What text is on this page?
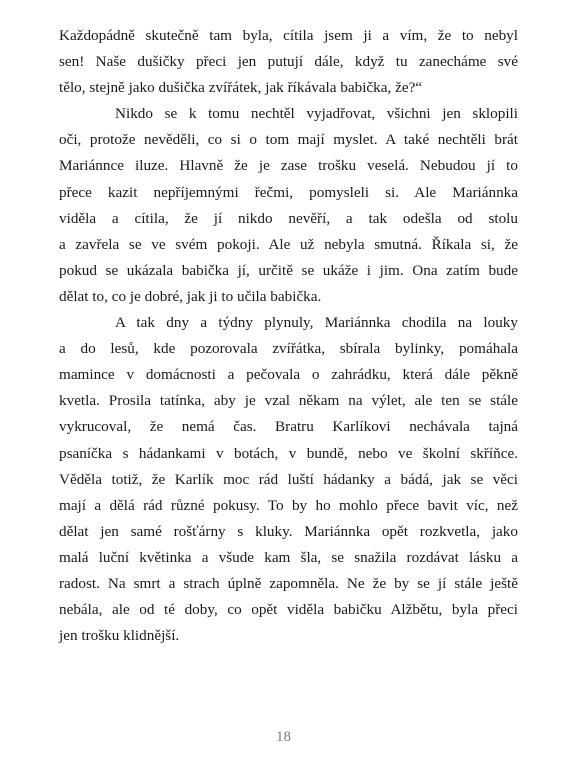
Každopádně skutečně tam byla, cítila jsem ji a vím, že to nebyl
sen! Naše dušičky přeci jen putují dále, když tu zanecháme své
tělo, stejně jako dušička zvířátek, jak říkávala babička, že?“
Nikdo se k tomu nechtěl vyjadřovat, všichni jen sklopili
oči, protože nevěděli, co si o tom mají myslet. A také nechtěli brát
Mariánnce iluze. Hlavně že je zase trošku veselá. Nebudou jí to
přece kazit nepříjemnými řečmi, pomysleli si. Ale Mariánnka
viděla a cítila, že jí nikdo nevěří, a tak odešla od stolu
a zavřela se ve svém pokoji. Ale už nebyla smutná. Říkala si, že
pokud se ukázala babička jí, určitě se ukáže i jim. Ona zatím bude
dělat to, co je dobré, jak ji to učila babička.
A tak dny a týdny plynuly, Mariánnka chodila na louky
a do lesů, kde pozorovala zvířátka, sbírala bylinky, pomáhala
mamince v domácnosti a pečovala o zahrádku, která dále pěkně
kvetla. Prosila tatínka, aby je vzal někam na výlet, ale ten se stále
vykrucoval, že nemá čas. Bratru Karlíkovi nechávala tajná
psaníčka s hádankami v botách, v bundě, nebo ve školní skříňce.
Věděla totiž, že Karlík moc rád luští hádanky a bádá, jak se věci
mají a dělá rád různé pokusy. To by ho mohlo přece bavit víc, než
dělat jen samé rošťárny s kluky. Mariánnka opět rozkvetla, jako
malá luční květinka a všude kam šla, se snažila rozdávat lásku a
radost. Na smrt a strach úplně zapomněla. Ne že by se jí stále ještě
nebála, ale od té doby, co opět viděla babičku Alžbětu, byla přeci
jen trošku klidnější.
18
